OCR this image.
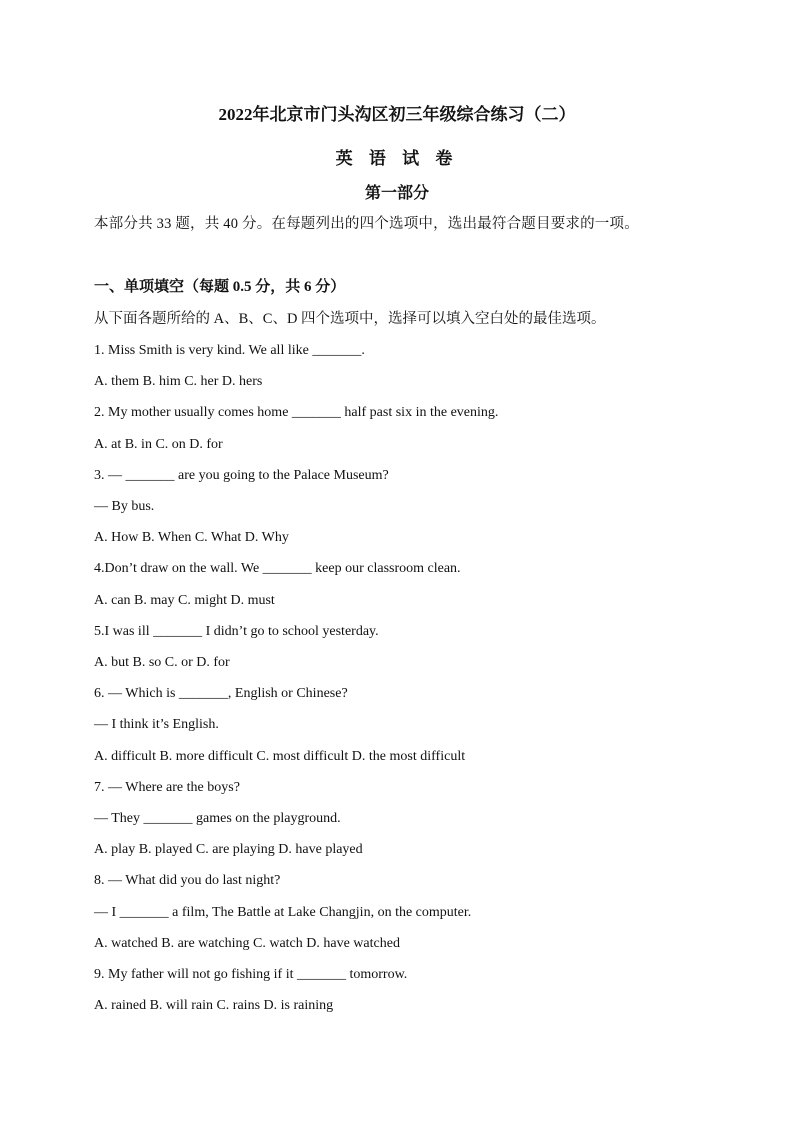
2022年北京市门头沟区初三年级综合练习（二）
英 语 试 卷
第一部分
本部分共 33 题，共 40 分。在每题列出的四个选项中，选出最符合题目要求的一项。
一、单项填空（每题 0.5 分，共 6 分）
从下面各题所给的 A、B、C、D 四个选项中，选择可以填入空白处的最佳选项。
1. Miss Smith is very kind. We all like _______.
A. them B. him C. her D. hers
2. My mother usually comes home _______ half past six in the evening.
A. at B. in C. on D. for
3. — _______ are you going to the Palace Museum?
— By bus.
A. How B. When C. What D. Why
4.Don’t draw on the wall. We _______ keep our classroom clean.
A. can B. may C. might D. must
5.I was ill _______ I didn’t go to school yesterday.
A. but B. so C. or D. for
6. — Which is _______, English or Chinese?
— I think it’s English.
A. difficult B. more difficult C. most difficult D. the most difficult
7. — Where are the boys?
— They _______ games on the playground.
A. play B. played C. are playing D. have played
8. — What did you do last night?
— I _______ a film, The Battle at Lake Changjin, on the computer.
A. watched B. are watching C. watch D. have watched
9. My father will not go fishing if it _______ tomorrow.
A. rained B. will rain C. rains D. is raining
